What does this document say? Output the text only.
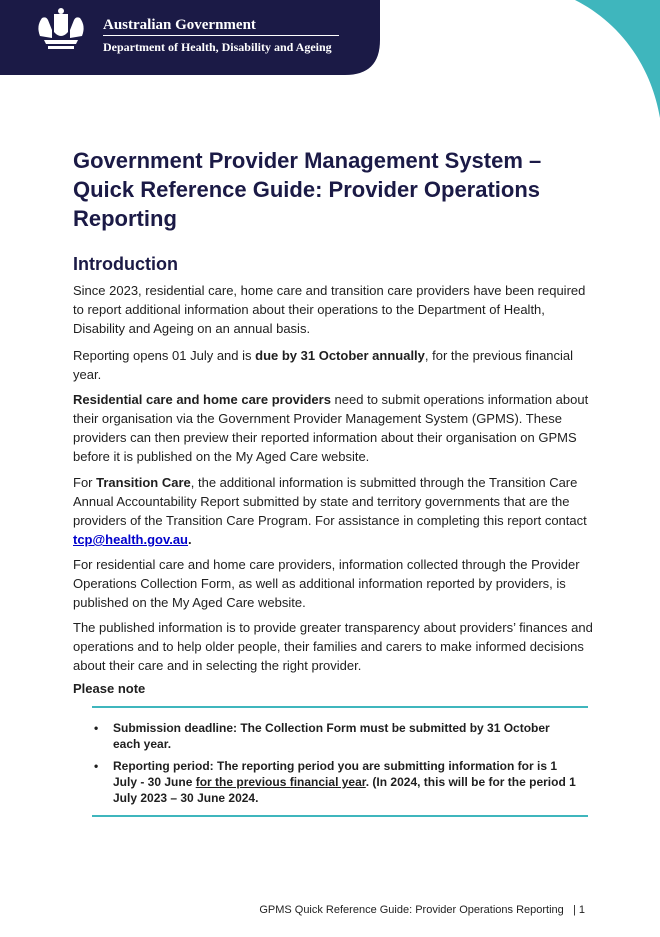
Australian Government
Department of Health, Disability and Ageing
Government Provider Management System – Quick Reference Guide: Provider Operations Reporting
Introduction

Since 2023, residential care, home care and transition care providers have been required to report additional information about their operations to the Department of Health, Disability and Ageing on an annual basis.

Reporting opens 01 July and is due by 31 October annually, for the previous financial year.

Residential care and home care providers need to submit operations information about their organisation via the Government Provider Management System (GPMS). These providers can then preview their reported information about their organisation on GPMS before it is published on the My Aged Care website.

For Transition Care, the additional information is submitted through the Transition Care Annual Accountability Report submitted by state and territory governments that are the providers of the Transition Care Program. For assistance in completing this report contact tcp@health.gov.au.

For residential care and home care providers, information collected through the Provider Operations Collection Form, as well as additional information reported by providers, is published on the My Aged Care website.

The published information is to provide greater transparency about providers’ finances and operations and to help older people, their families and carers to make informed decisions about their care and in selecting the right provider.

Please note

• Submission deadline: The Collection Form must be submitted by 31 October each year.
• Reporting period: The reporting period you are submitting information for is 1 July - 30 June for the previous financial year. (In 2024, this will be for the period 1 July 2023 – 30 June 2024.
GPMS Quick Reference Guide: Provider Operations Reporting | 1
